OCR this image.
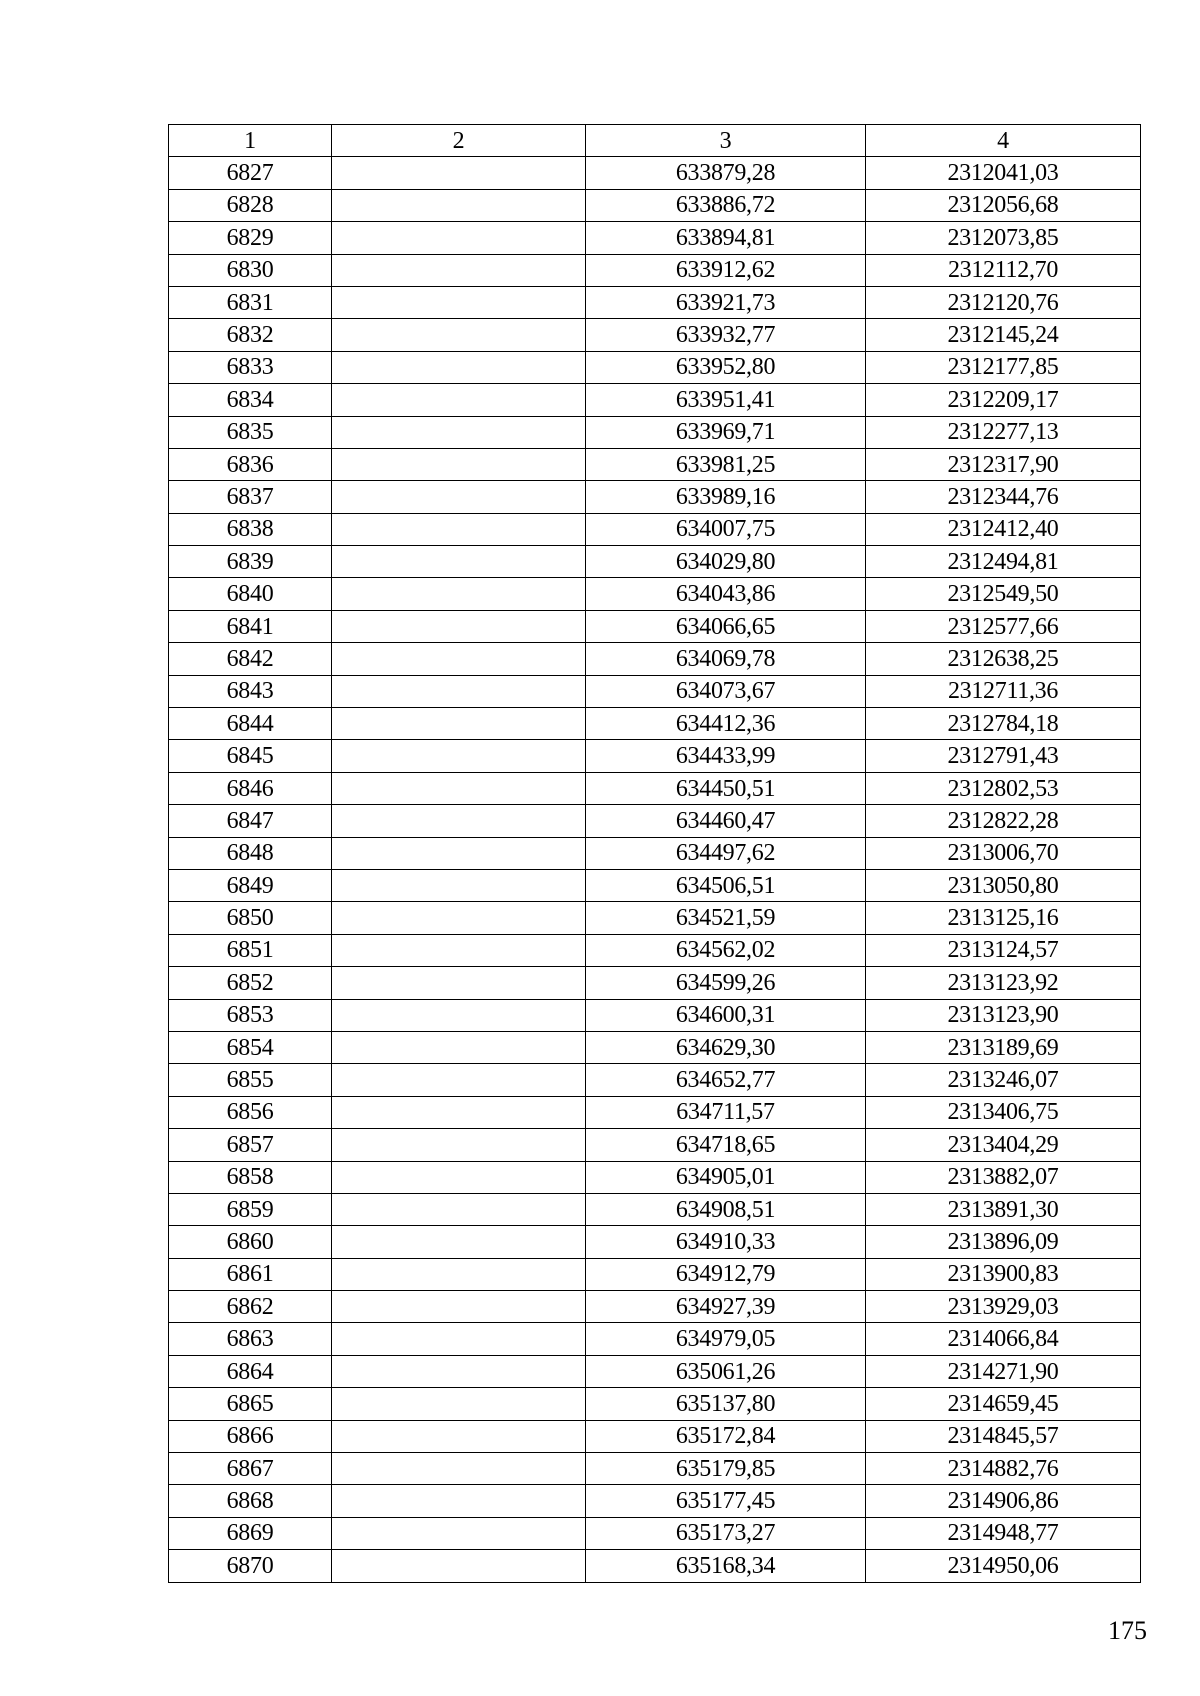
1	2	3	4
6827		633879,28	2312041,03
6828		633886,72	2312056,68
6829		633894,81	2312073,85
6830		633912,62	2312112,70
6831		633921,73	2312120,76
6832		633932,77	2312145,24
6833		633952,80	2312177,85
6834		633951,41	2312209,17
6835		633969,71	2312277,13
6836		633981,25	2312317,90
6837		633989,16	2312344,76
6838		634007,75	2312412,40
6839		634029,80	2312494,81
6840		634043,86	2312549,50
6841		634066,65	2312577,66
6842		634069,78	2312638,25
6843		634073,67	2312711,36
6844		634412,36	2312784,18
6845		634433,99	2312791,43
6846		634450,51	2312802,53
6847		634460,47	2312822,28
6848		634497,62	2313006,70
6849		634506,51	2313050,80
6850		634521,59	2313125,16
6851		634562,02	2313124,57
6852		634599,26	2313123,92
6853		634600,31	2313123,90
6854		634629,30	2313189,69
6855		634652,77	2313246,07
6856		634711,57	2313406,75
6857		634718,65	2313404,29
6858		634905,01	2313882,07
6859		634908,51	2313891,30
6860		634910,33	2313896,09
6861		634912,79	2313900,83
6862		634927,39	2313929,03
6863		634979,05	2314066,84
6864		635061,26	2314271,90
6865		635137,80	2314659,45
6866		635172,84	2314845,57
6867		635179,85	2314882,76
6868		635177,45	2314906,86
6869		635173,27	2314948,77
6870		635168,34	2314950,06
175
